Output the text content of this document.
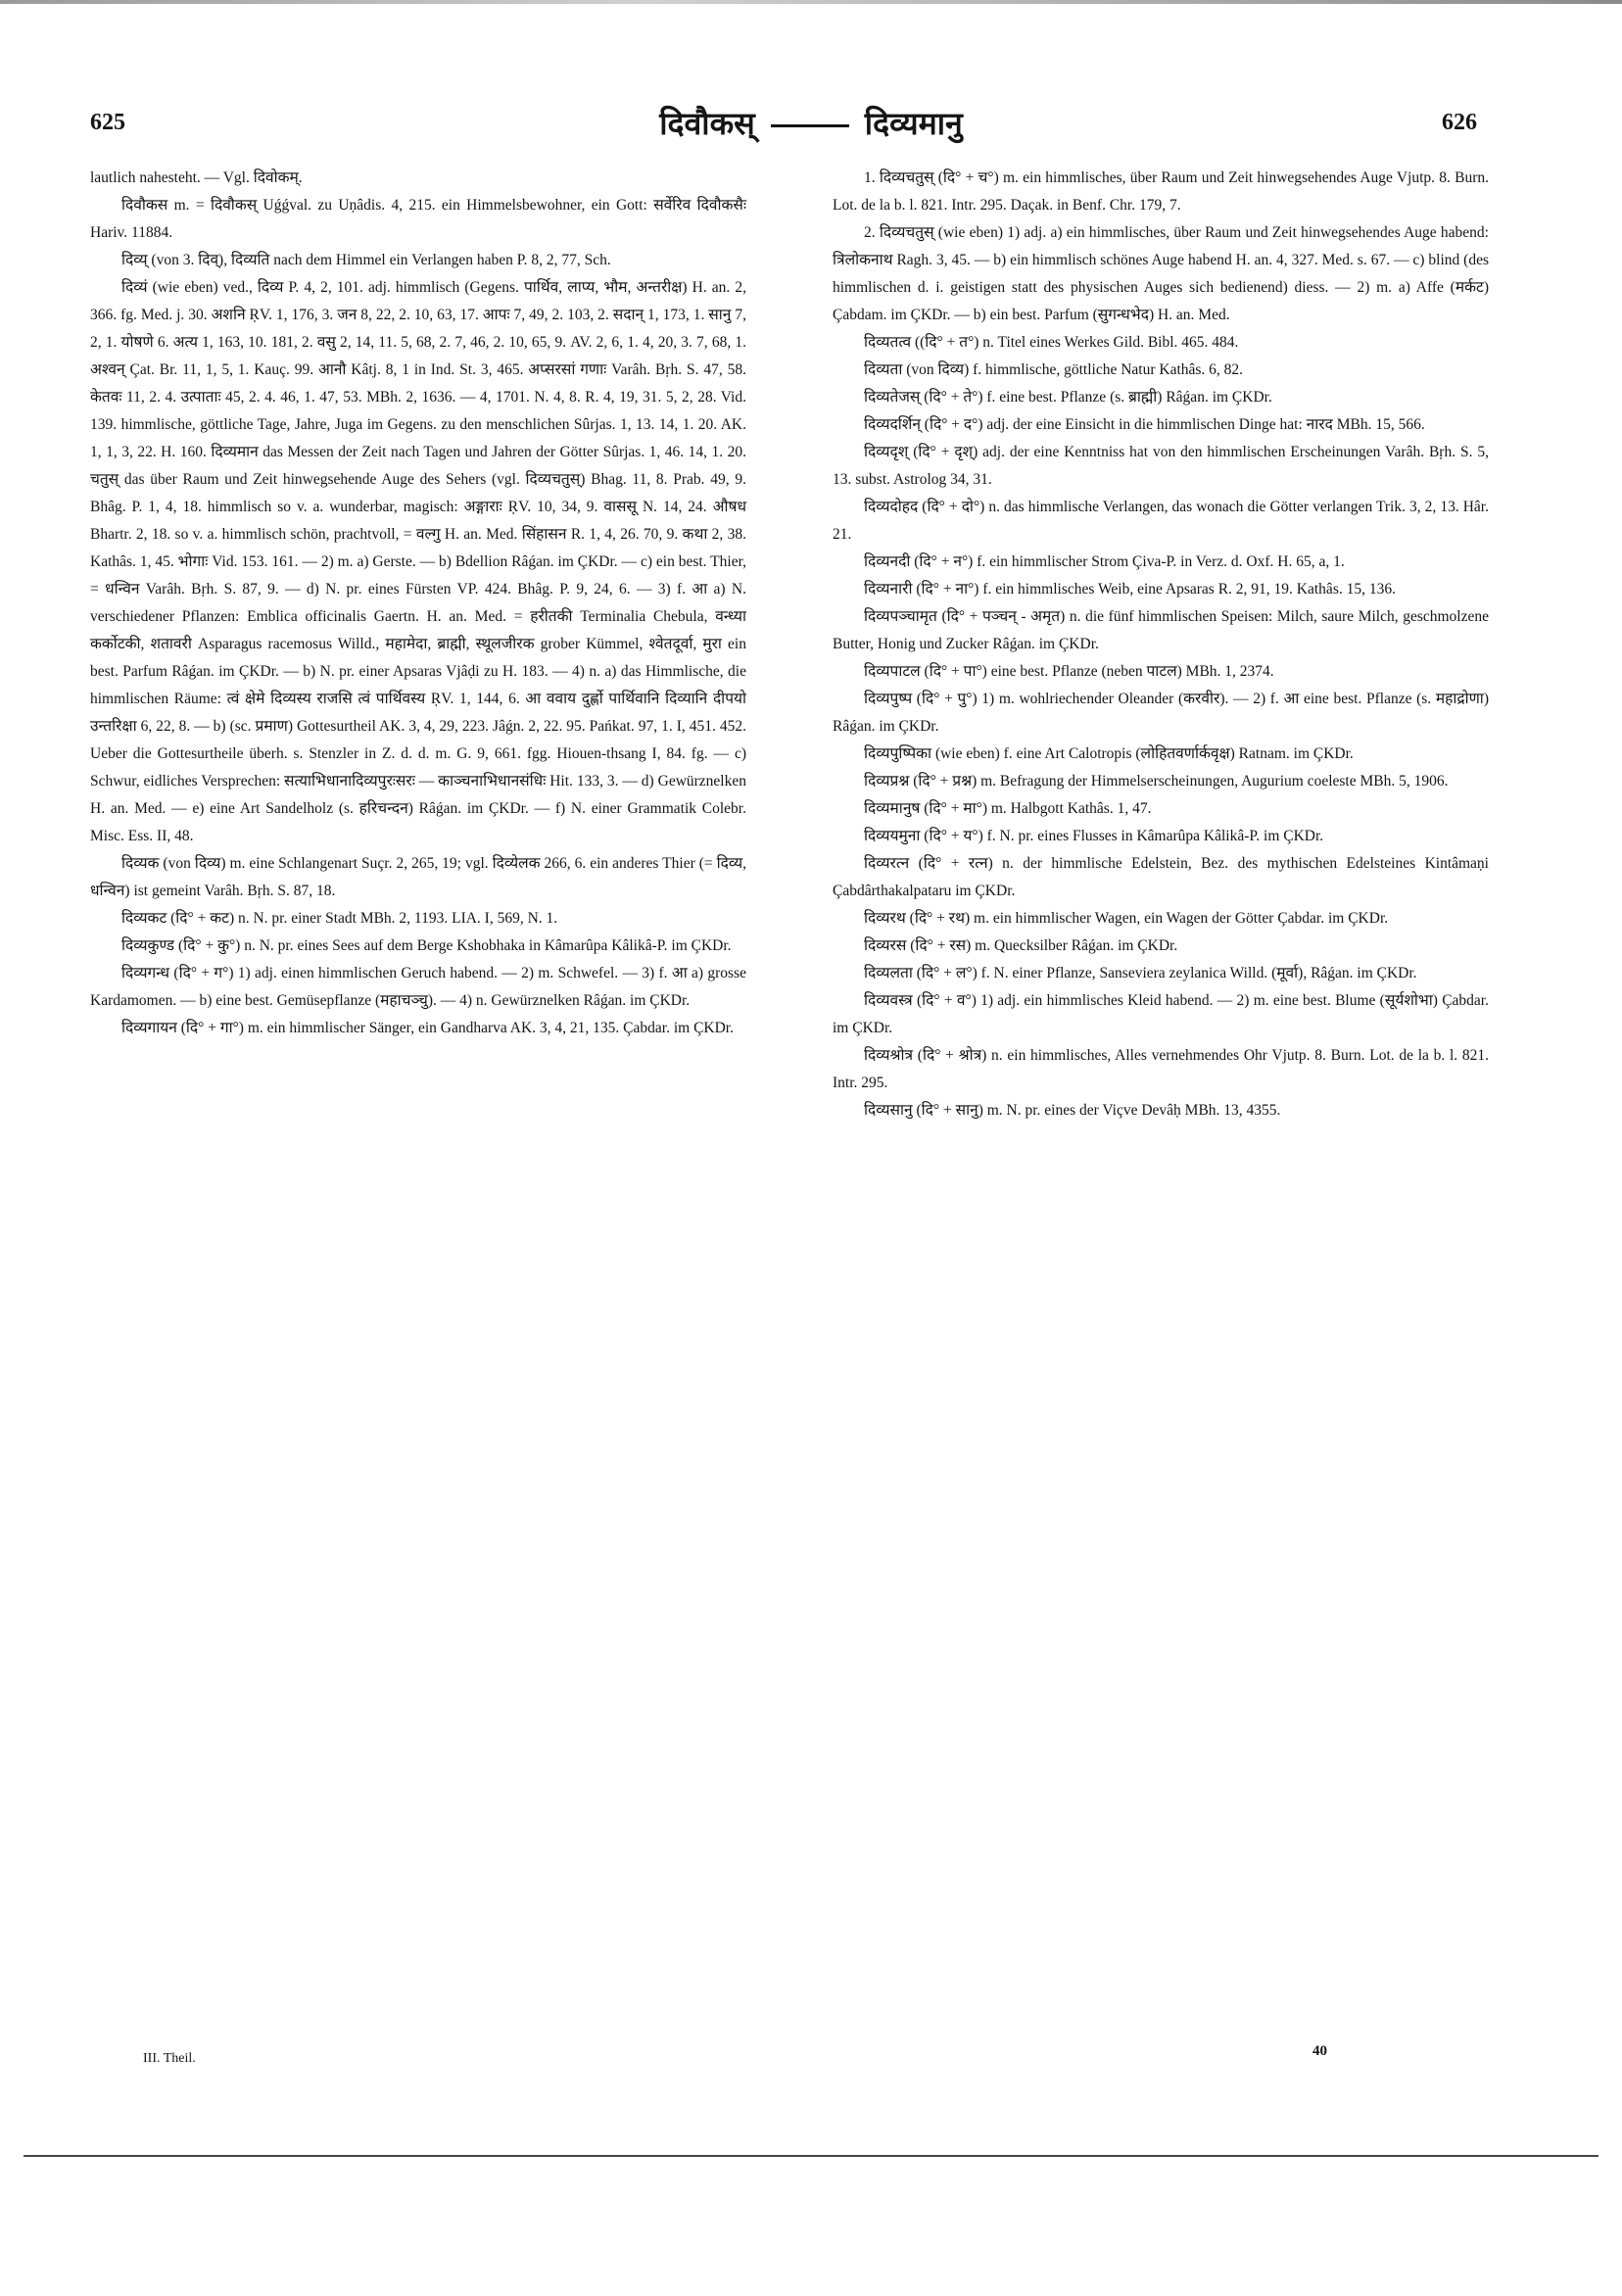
625	दिवौकस्	दिव्यमानु	626

lautlich nahesteht. — Vgl. दिवोकम्.

दिवौकस m. = दिवौकस् Uǵǵval. zu Uṇâdis. 4, 215. ein Himmelsbewohner, ein Gott: सर्वेरिव दिवौकसैः Hariv. 11884.

दिव्य् (von 3. दिव्), दिव्यति nach dem Himmel ein Verlangen haben P. 8, 2, 77, Sch.

दिव्यं (wie eben) ved., दिव्य P. 4, 2, 101. adj. himmlisch (Gegens. पार्थिव, लाप्य, भौम, अन्तरीक्ष) H. an. 2, 366. fg. Med. j. 30. अशनि ṚV. 1, 176, 3. जन 8, 22, 2. 10, 63, 17. आपः 7, 49, 2. 103, 2. सदान् 1, 173, 1. सानु 7, 2, 1. योषणे 6. अत्य 1, 163, 10. 181, 2. वसु 2, 14, 11. 5, 68, 2. 7, 46, 2. 10, 65, 9. AV. 2, 6, 1. 4, 20, 3. 7, 68, 1. अश्वन् Çat. Br. 11, 1, 5, 1. Kauç. 99. आनौ Kâtj. 8, 1 in Ind. St. 3, 465. अप्सरसां गणाः Varâh. Bṛh. S. 47, 58. केतवः 11, 2. 4. उत्पाताः 45, 2. 4. 46, 1. 47, 53. MBh. 2, 1636. — 4, 1701. N. 4, 8. R. 4, 19, 31. 5, 2, 28. Vid. 139. himmlische, göttliche Tage, Jahre, Juga im Gegens. zu den menschlichen Sûrjas. 1, 13. 14, 1. 20. AK. 1, 1, 3, 22. H. 160. दिव्यमान das Messen der Zeit nach Tagen und Jahren der Götter Sûrjas. 1, 46. 14, 1. 20. चतुस् das über Raum und Zeit hinwegsehende Auge des Sehers (vgl. दिव्यचतुस्) Bhag. 11, 8. Prab. 49, 9. Bhâg. P. 1, 4, 18. himmlisch so v. a. wunderbar, magisch: अङ्गाराः ṚV. 10, 34, 9. वाससू N. 14, 24. औषध Bhartr. 2, 18. so v. a. himmlisch schön, prachtvoll, = वल्गु H. an. Med. सिंहासन R. 1, 4, 26. 70, 9. कथा 2, 38. Kathâs. 1, 45. भोगाः Vid. 153. 161. — 2) m. a) Gerste. — b) Bdellion Râǵan. im ÇKDr. — c) ein best. Thier, = धन्विन Varâh. Bṛh. S. 87, 9. — d) N. pr. eines Fürsten VP. 424. Bhâg. P. 9, 24, 6. — 3) f. आ a) N. verschiedener Pflanzen: Emblica officinalis Gaertn. H. an. Med. = हरीतकी Terminalia Chebula, वन्ध्या कर्कोटकी, शतावरी Asparagus racemosus Willd., महामेदा, ब्राह्मी, स्थूलजीरक grober Kümmel, श्वेतदूर्वा, मुरा ein best. Parfum Râǵan. im ÇKDr. — b) N. pr. einer Apsaras Vjâḍi zu H. 183. — 4) n. a) das Himmlische, die himmlischen Räume: त्वं क्षेमे दिव्यस्य राजसि त्वं पार्थिवस्य ṚV. 1, 144, 6. आ ववाय दुर्ह्णो पार्थिवानि दिव्यानि दीपयो उन्तरिक्षा 6, 22, 8. — b) (sc. प्रमाण) Gottesurtheil AK. 3, 4, 29, 223. Jâǵn. 2, 22. 95. Pańkat. 97, 1. I, 451. 452. Ueber die Gottesurtheile überh. s. Stenzler in Z. d. d. m. G. 9, 661. fgg. Hiouen-thsang I, 84. fg. — c) Schwur, eidliches Versprechen: सत्याभिधानादिव्यपुरःसरः — काञ्चनाभिधानसंधिः Hit. 133, 3. — d) Gewürznelken H. an. Med. — e) eine Art Sandelholz (s. हरिचन्दन) Râǵan. im ÇKDr. — f) N. einer Grammatik Colebr. Misc. Ess. II, 48.

दिव्यक (von दिव्य) m. eine Schlangenart Suçr. 2, 265, 19; vgl. दिव्येलक 266, 6. ein anderes Thier (= दिव्य, धन्विन) ist gemeint Varâh. Bṛh. S. 87, 18.

दिव्यकट (दि° + कट) n. N. pr. einer Stadt MBh. 2, 1193. LIA. I, 569, N. 1.

दिव्यकुण्ड (दि° + कु°) n. N. pr. eines Sees auf dem Berge Kshobhaka in Kâmarûpa Kâlikâ-P. im ÇKDr.

दिव्यगन्ध (दि° + ग°) 1) adj. einen himmlischen Geruch habend. — 2) m. Schwefel. — 3) f. आ a) grosse Kardamomen. — b) eine best. Gemüsepflanze (महाचञ्चु). — 4) n. Gewürznelken Râǵan. im ÇKDr.

दिव्यगायन (दि° + गा°) m. ein himmlischer Sänger, ein Gandharva AK. 3, 4, 21, 135. Çabdar. im ÇKDr.

1. दिव्यचतुस् (दि° + च°) m. ein himmlisches, über Raum und Zeit hinwegsehendes Auge Vjutp. 8. Burn. Lot. de la b. l. 821. Intr. 295. Daçak. in Benf. Chr. 179, 7.

2. दिव्यचतुस् (wie eben) 1) adj. a) ein himmlisches, über Raum und Zeit hinwegsehendes Auge habend: त्रिलोकनाथ Ragh. 3, 45. — b) ein himmlisch schönes Auge habend H. an. 4, 327. Med. s. 67. — c) blind (des himmlischen d. i. geistigen statt des physischen Auges sich bedienend) diess. — 2) m. a) Affe (मर्कट) Çabdam. im ÇKDr. — b) ein best. Parfum (सुगन्धभेद) H. an. Med.

दिव्यतत्व ((दि° + त°) n. Titel eines Werkes Gild. Bibl. 465. 484.

दिव्यता (von दिव्य) f. himmlische, göttliche Natur Kathâs. 6, 82.

दिव्यतेजस् (दि° + ते°) f. eine best. Pflanze (s. ब्राह्मी) Râǵan. im ÇKDr.

दिव्यदर्शिन् (दि° + द°) adj. der eine Einsicht in die himmlischen Dinge hat: नारद MBh. 15, 566.

दिव्यदृश् (दि° + दृश्) adj. der eine Kenntniss hat von den himmlischen Erscheinungen Varâh. Bṛh. S. 5, 13. subst. Astrolog 34, 31.

दिव्यदोहद (दि° + दो°) n. das himmlische Verlangen, das wonach die Götter verlangen Trik. 3, 2, 13. Hâr. 21.

दिव्यनदी (दि° + न°) f. ein himmlischer Strom Çiva-P. in Verz. d. Oxf. H. 65, a, 1.

दिव्यनारी (दि° + ना°) f. ein himmlisches Weib, eine Apsaras R. 2, 91, 19. Kathâs. 15, 136.

दिव्यपञ्चामृत (दि° + पञ्चन् - अमृत) n. die fünf himmlischen Speisen: Milch, saure Milch, geschmolzene Butter, Honig und Zucker Râǵan. im ÇKDr.

दिव्यपाटल (दि° + पा°) eine best. Pflanze (neben पाटल) MBh. 1, 2374.

दिव्यपुष्प (दि° + पु°) 1) m. wohlriechender Oleander (करवीर). — 2) f. आ eine best. Pflanze (s. महाद्रोणा) Râǵan. im ÇKDr.

दिव्यपुष्पिका (wie eben) f. eine Art Calotropis (लोहितवर्णार्कवृक्ष) Ratnam. im ÇKDr.

दिव्यप्रश्न (दि° + प्रश्न) m. Befragung der Himmelserscheinungen, Augurium coeleste MBh. 5, 1906.

दिव्यमानुष (दि° + मा°) m. Halbgott Kathâs. 1, 47.

दिव्ययमुना (दि° + य°) f. N. pr. eines Flusses in Kâmarûpa Kâlikâ-P. im ÇKDr.

दिव्यरत्न (दि° + रत्न) n. der himmlische Edelstein, Bez. des mythischen Edelsteines Kintâmaṇi Çabdârthakalpataru im ÇKDr.

दिव्यरथ (दि° + रथ) m. ein himmlischer Wagen, ein Wagen der Götter Çabdar. im ÇKDr.

दिव्यरस (दि° + रस) m. Quecksilber Râǵan. im ÇKDr.

दिव्यलता (दि° + ल°) f. N. einer Pflanze, Sanseviera zeylanica Willd. (मूर्वा), Râǵan. im ÇKDr.

दिव्यवस्त्र (दि° + व°) 1) adj. ein himmlisches Kleid habend. — 2) m. eine best. Blume (सूर्यशोभा) Çabdar. im ÇKDr.

दिव्यश्रोत्र (दि° + श्रोत्र) n. ein himmlisches, Alles vernehmendes Ohr Vjutp. 8. Burn. Lot. de la b. l. 821. Intr. 295.

दिव्यसानु (दि° + सानु) m. N. pr. eines der Viçve Devâḥ MBh. 13, 4355.

III. Theil.	40
